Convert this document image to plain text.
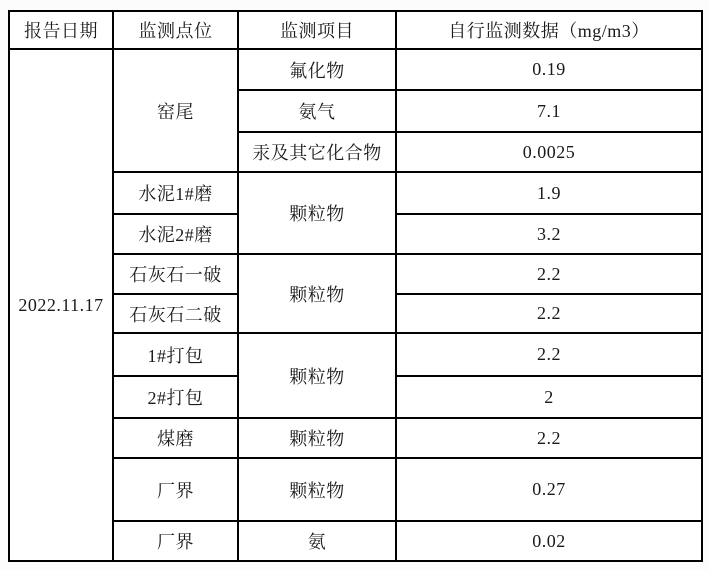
报告日期	监测点位	监测项目	自行监测数据（mg/m3）
2022.11.17	窑尾	氟化物	0.19
		氨气	7.1
		汞及其它化合物	0.0025
	水泥1#磨	颗粒物	1.9
	水泥2#磨		3.2
	石灰石一破	颗粒物	2.2
	石灰石二破		2.2
	1#打包	颗粒物	2.2
	2#打包		2
	煤磨	颗粒物	2.2
	厂界	颗粒物	0.27
	厂界	氨	0.02
